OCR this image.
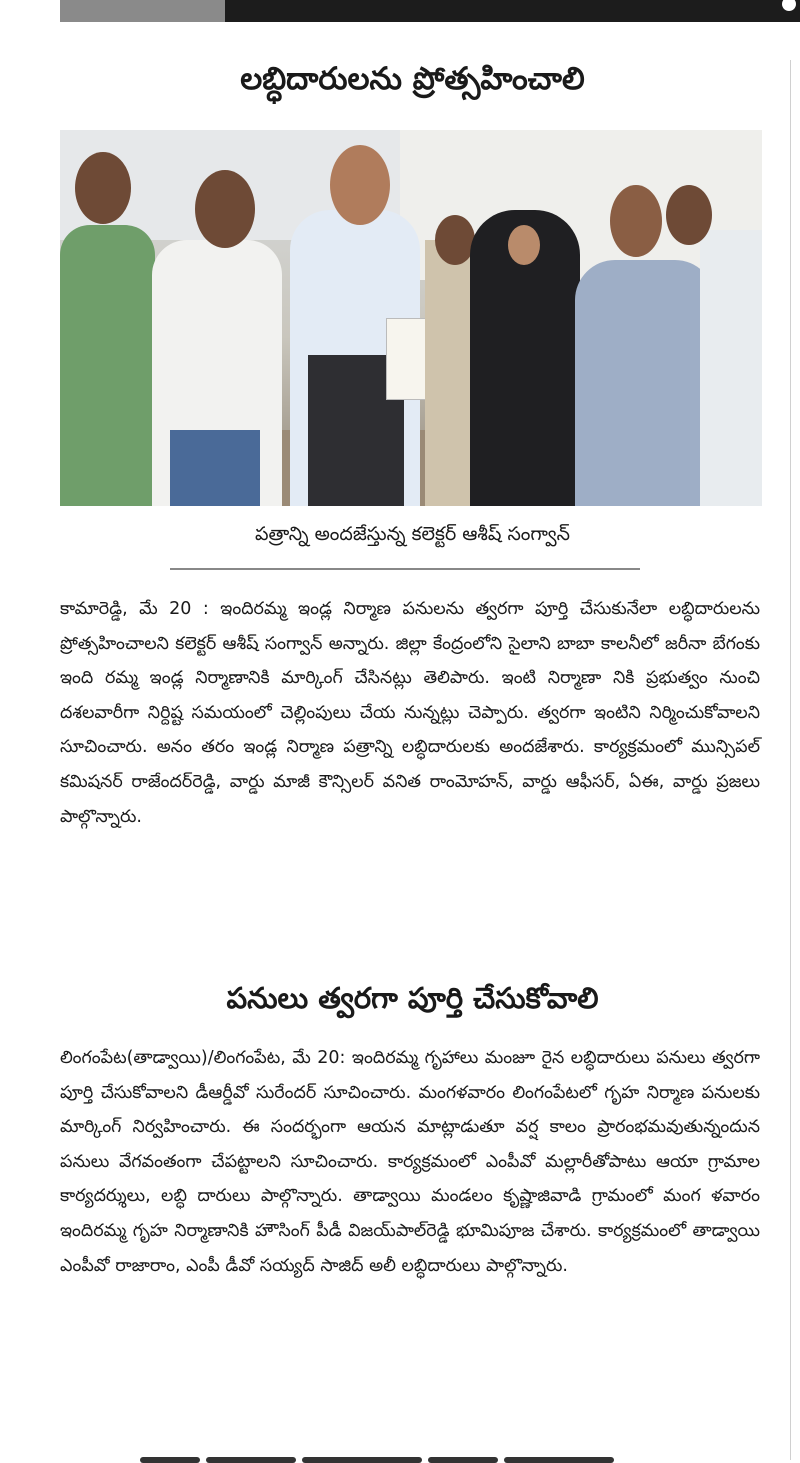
లబ్ధిదారులను ప్రోత్సహించాలి
పత్రాన్ని అందజేస్తున్న కలెక్టర్ ఆశీష్ సంగ్వాన్

కామారెడ్డి, మే 20 : ఇందిరమ్మ ఇండ్ల నిర్మాణ పనులను త్వరగా పూర్తి చేసుకునేలా లబ్ధిదారులను ప్రోత్సహించాలని కలెక్టర్ ఆశీష్ సంగ్వాన్ అన్నారు. జిల్లా కేంద్రంలోని సైలాని బాబా కాలనీలో జరీనా బేగంకు ఇంది రమ్మ ఇండ్ల నిర్మాణానికి మార్కింగ్ చేసినట్లు తెలిపారు. ఇంటి నిర్మాణా నికి ప్రభుత్వం నుంచి దశలవారీగా నిర్దిష్ట సమయంలో చెల్లింపులు చేయ నున్నట్లు చెప్పారు. త్వరగా ఇంటిని నిర్మించుకోవాలని సూచించారు. అనం తరం ఇండ్ల నిర్మాణ పత్రాన్ని లబ్ధిదారులకు అందజేశారు. కార్యక్రమంలో మున్సిపల్ కమిషనర్ రాజేందర్‌రెడ్డి, వార్డు మాజీ కౌన్సిలర్ వనిత రాంమోహన్, వార్డు ఆఫీసర్, ఏఈ, వార్డు ప్రజలు పాల్గొన్నారు.

పనులు త్వరగా పూర్తి చేసుకోవాలి

లింగంపేట(తాడ్వాయి)/లింగంపేట, మే 20: ఇందిరమ్మ గృహాలు మంజూ రైన లబ్ధిదారులు పనులు త్వరగా పూర్తి చేసుకోవాలని డీఆర్డీవో సురేందర్ సూచించారు. మంగళవారం లింగంపేటలో గృహ నిర్మాణ పనులకు మార్కింగ్ నిర్వహించారు. ఈ సందర్భంగా ఆయన మాట్లాడుతూ వర్ష కాలం ప్రారంభమవుతున్నందున పనులు వేగవంతంగా చేపట్టాలని సూచించారు. కార్యక్రమంలో ఎంపీవో మల్లారీతోపాటు ఆయా గ్రామాల కార్యదర్శులు, లబ్ధి దారులు పాల్గొన్నారు. తాడ్వాయి మండలం కృష్ణాజివాడి గ్రామంలో మంగ ళవారం ఇందిరమ్మ గృహ నిర్మాణానికి హౌసింగ్ పీడీ విజయ్‌పాల్‌రెడ్డి భూమిపూజ చేశారు. కార్యక్రమంలో తాడ్వాయి ఎంపీవో రాజారాం, ఎంపీ డీవో సయ్యద్ సాజిద్ అలీ లబ్ధిదారులు పాల్గొన్నారు.
